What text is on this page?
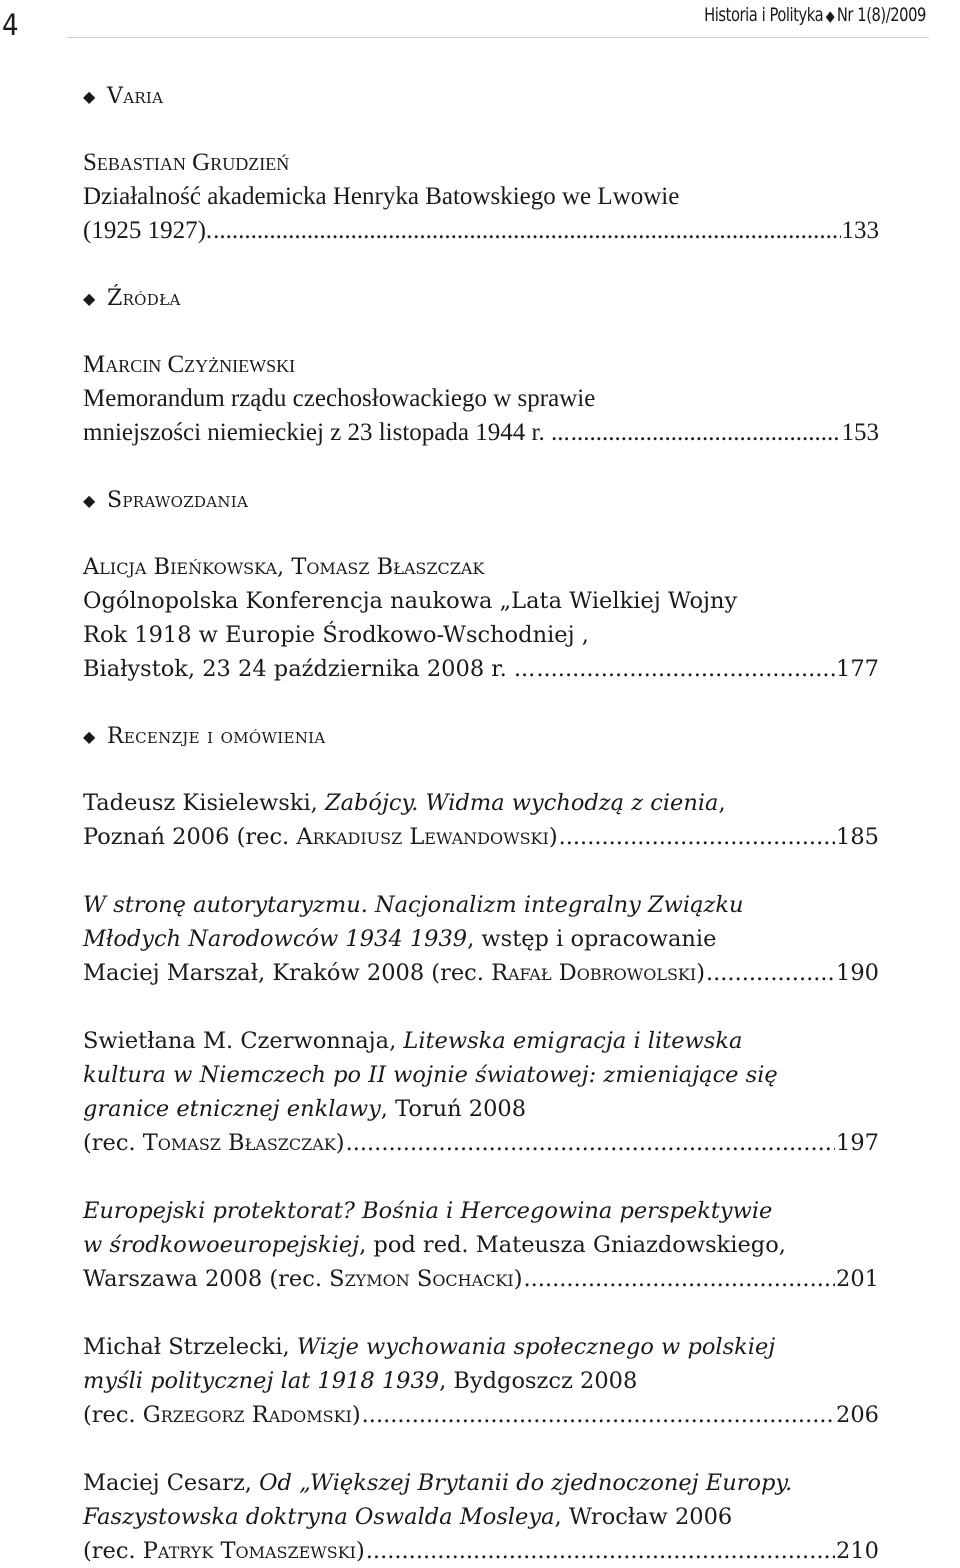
4	Historia i Polityka ◆ Nr 1(8)/2009
◆ Varia
Sebastian Grudzień
Działalność akademicka Henryka Batowskiego we Lwowie
(1925 1927). .....	133
◆ Źródła
Marcin Czyżniewski
Memorandum rządu czechosłowackiego w sprawie
mniejszości niemieckiej z 23 listopada 1944 r. ... .....	153
◆ Sprawozdania
Alicja Bieńkowska, Tomasz Błaszczak
Ogólnopolska Konferencja naukowa „Lata Wielkiej Wojny
Rok 1918 w Europie Środkowo-Wschodniej ,
Białystok, 23 24 października 2008 r. ... .....	177
◆ Recenzje i omówienia
Tadeusz Kisielewski, Zabójcy. Widma wychodzą z cienia,
Poznań 2006 (rec. Arkadiusz Lewandowski) .....	185
W stronę autorytaryzmu. Nacjonalizm integralny Związku
Młodych Narodowców 1934 1939, wstęp i opracowanie
Maciej Marszał, Kraków 2008 (rec. Rafał Dobrowolski) .....	190
Swietłana M. Czerwonnaja, Litewska emigracja i litewska
kultura w Niemczech po II wojnie światowej: zmieniające się
granice etnicznej enklawy, Toruń 2008
(rec. Tomasz Błaszczak) .....	197
Europejski protektorat? Bośnia i Hercegowina perspektywie
w środkowoeuropejskiej, pod red. Mateusza Gniazdowskiego,
Warszawa 2008 (rec. Szymon Sochacki) .....	201
Michał Strzelecki, Wizje wychowania społecznego w polskiej
myśli politycznej lat 1918 1939, Bydgoszcz 2008
(rec. Grzegorz Radomski) .....	206
Maciej Cesarz, Od „Większej Brytanii do zjednoczonej Europy.
Faszystowska doktryna Oswalda Mosleya, Wrocław 2006
(rec. Patryk Tomaszewski) .....	210
